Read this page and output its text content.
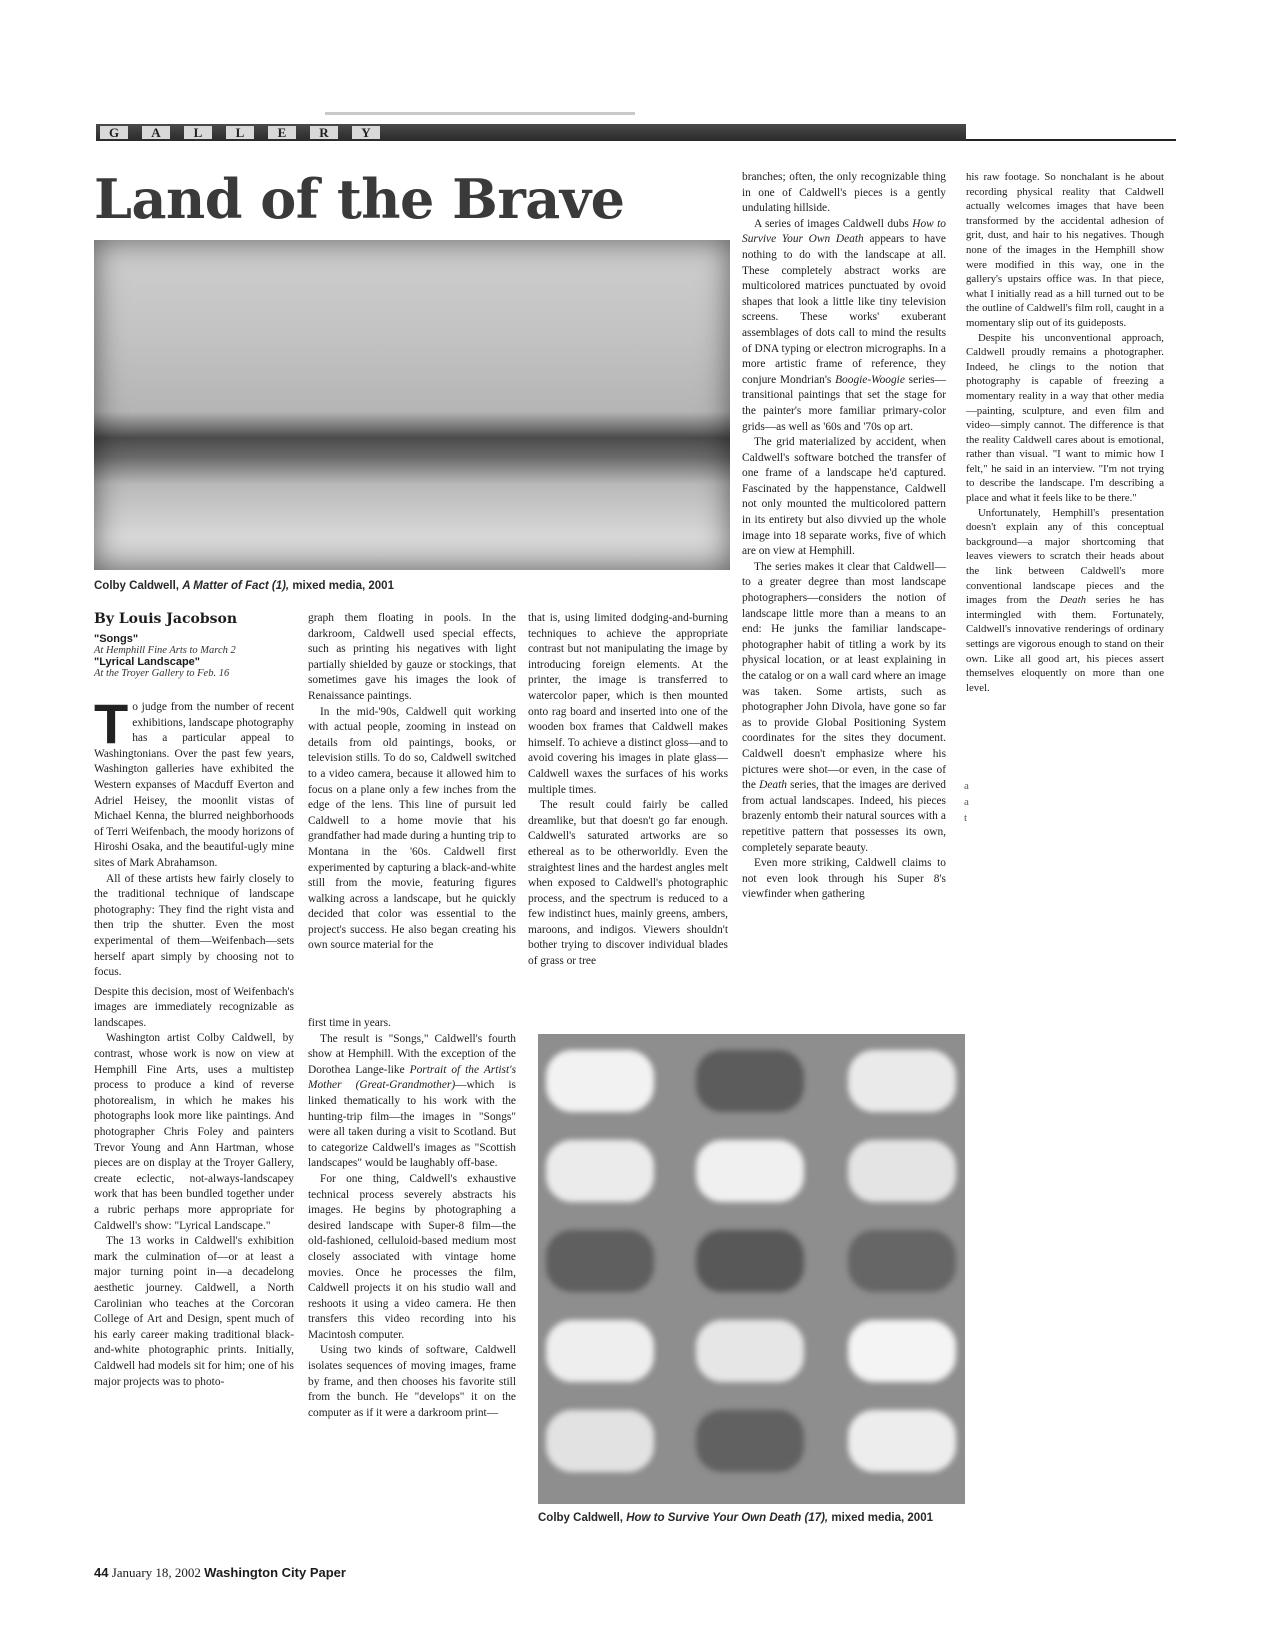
G	A	L	L	E	R	Y
Land of the Brave
Colby Caldwell, A Matter of Fact (1), mixed media, 2001
By Louis Jacobson
"Songs"
At Hemphill Fine Arts to March 2
"Lyrical Landscape"
At the Troyer Gallery to Feb. 16

To judge from the number of recent exhibitions, landscape photography has a particular appeal to Washingtonians. Over the past few years, Washington galleries have exhibited the Western expanses of Macduff Everton and Adriel Heisey, the moonlit vistas of Michael Kenna, the blurred neighborhoods of Terri Weifenbach, the moody horizons of Hiroshi Osaka, and the beautiful-ugly mine sites of Mark Abrahamson.

All of these artists hew fairly closely to the traditional technique of landscape photography: They find the right vista and then trip the shutter. Even the most experimental of them—Weifenbach—sets herself apart simply by choosing not to focus.

Despite this decision, most of Weifenbach's images are immediately recognizable as landscapes.

Washington artist Colby Caldwell, by contrast, whose work is now on view at Hemphill Fine Arts, uses a multistep process to produce a kind of reverse photorealism, in which he makes his photographs look more like paintings. And photographer Chris Foley and painters Trevor Young and Ann Hartman, whose pieces are on display at the Troyer Gallery, create eclectic, not-always-landscapey work that has been bundled together under a rubric perhaps more appropriate for Caldwell's show: "Lyrical Landscape."

The 13 works in Caldwell's exhibition mark the culmination of—or at least a major turning point in—a decadelong aesthetic journey. Caldwell, a North Carolinian who teaches at the Corcoran College of Art and Design, spent much of his early career making traditional black-and-white photographic prints. Initially, Caldwell had models sit for him; one of his major projects was to photo-

graph them floating in pools. In the darkroom, Caldwell used special effects, such as printing his negatives with light partially shielded by gauze or stockings, that sometimes gave his images the look of Renaissance paintings.

In the mid-'90s, Caldwell quit working with actual people, zooming in instead on details from old paintings, books, or television stills. To do so, Caldwell switched to a video camera, because it allowed him to focus on a plane only a few inches from the edge of the lens. This line of pursuit led Caldwell to a home movie that his grandfather had made during a hunting trip to Montana in the '60s. Caldwell first experimented by capturing a black-and-white still from the movie, featuring figures walking across a landscape, but he quickly decided that color was essential to the project's success. He also began creating his own source material for the

first time in years.

The result is "Songs," Caldwell's fourth show at Hemphill. With the exception of the Dorothea Lange-like Portrait of the Artist's Mother (Great-Grandmother)—which is linked thematically to his work with the hunting-trip film—the images in "Songs" were all taken during a visit to Scotland. But to categorize Caldwell's images as "Scottish landscapes" would be laughably off-base.

For one thing, Caldwell's exhaustive technical process severely abstracts his images. He begins by photographing a desired landscape with Super-8 film—the old-fashioned, celluloid-based medium most closely associated with vintage home movies. Once he processes the film, Caldwell projects it on his studio wall and reshoots it using a video camera. He then transfers this video recording into his Macintosh computer.

Using two kinds of software, Caldwell isolates sequences of moving images, frame by frame, and then chooses his favorite still from the bunch. He "develops" it on the computer as if it were a darkroom print—

that is, using limited dodging-and-burning techniques to achieve the appropriate contrast but not manipulating the image by introducing foreign elements. At the printer, the image is transferred to watercolor paper, which is then mounted onto rag board and inserted into one of the wooden box frames that Caldwell makes himself. To achieve a distinct gloss—and to avoid covering his images in plate glass—Caldwell waxes the surfaces of his works multiple times.

The result could fairly be called dreamlike, but that doesn't go far enough. Caldwell's saturated artworks are so ethereal as to be otherworldly. Even the straightest lines and the hardest angles melt when exposed to Caldwell's photographic process, and the spectrum is reduced to a few indistinct hues, mainly greens, ambers, maroons, and indigos. Viewers shouldn't bother trying to discover individual blades of grass or tree

branches; often, the only recognizable thing in one of Caldwell's pieces is a gently undulating hillside.

A series of images Caldwell dubs How to Survive Your Own Death appears to have nothing to do with the landscape at all. These completely abstract works are multicolored matrices punctuated by ovoid shapes that look a little like tiny television screens. These works' exuberant assemblages of dots call to mind the results of DNA typing or electron micrographs. In a more artistic frame of reference, they conjure Mondrian's Boogie-Woogie series—transitional paintings that set the stage for the painter's more familiar primary-color grids—as well as '60s and '70s op art.

The grid materialized by accident, when Caldwell's software botched the transfer of one frame of a landscape he'd captured. Fascinated by the happenstance, Caldwell not only mounted the multicolored pattern in its entirety but also divvied up the whole image into 18 separate works, five of which are on view at Hemphill.

The series makes it clear that Caldwell—to a greater degree than most landscape photographers—considers the notion of landscape little more than a means to an end: He junks the familiar landscape-photographer habit of titling a work by its physical location, or at least explaining in the catalog or on a wall card where an image was taken. Some artists, such as photographer John Divola, have gone so far as to provide Global Positioning System coordinates for the sites they document. Caldwell doesn't emphasize where his pictures were shot—or even, in the case of the Death series, that the images are derived from actual landscapes. Indeed, his pieces brazenly entomb their natural sources with a repetitive pattern that possesses its own, completely separate beauty.

Even more striking, Caldwell claims to not even look through his Super 8's viewfinder when gathering

his raw footage. So nonchalant is he about recording physical reality that Caldwell actually welcomes images that have been transformed by the accidental adhesion of grit, dust, and hair to his negatives. Though none of the images in the Hemphill show were modified in this way, one in the gallery's upstairs office was. In that piece, what I initially read as a hill turned out to be the outline of Caldwell's film roll, caught in a momentary slip out of its guideposts.

Despite his unconventional approach, Caldwell proudly remains a photographer. Indeed, he clings to the notion that photography is capable of freezing a momentary reality in a way that other media—painting, sculpture, and even film and video—simply cannot. The difference is that the reality Caldwell cares about is emotional, rather than visual. "I want to mimic how I felt," he said in an interview. "I'm not trying to describe the landscape. I'm describing a place and what it feels like to be there."

Unfortunately, Hemphill's presentation doesn't explain any of this conceptual background—a major shortcoming that leaves viewers to scratch their heads about the link between Caldwell's more conventional landscape pieces and the images from the Death series he has intermingled with them. Fortunately, Caldwell's innovative renderings of ordinary settings are vigorous enough to stand on their own. Like all good art, his pieces assert themselves eloquently on more than one level.

a
a
t
Colby Caldwell, How to Survive Your Own Death (17), mixed media, 2001
44 January 18, 2002 Washington City Paper
